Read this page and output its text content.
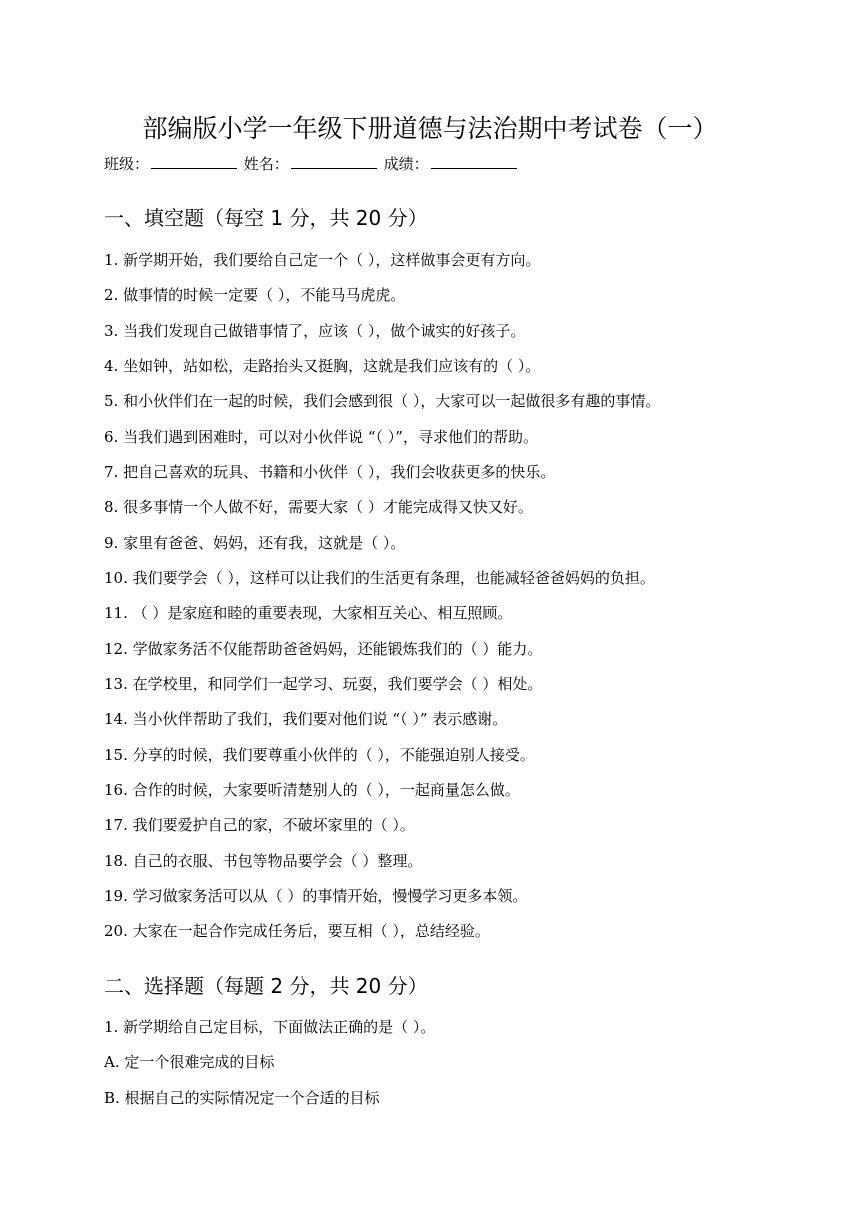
部编版小学一年级下册道德与法治期中考试卷（一）
班级：	姓名：	成绩：
一、填空题（每空 1 分，共 20 分）
1. 新学期开始，我们要给自己定一个（ ），这样做事会更有方向。
2. 做事情的时候一定要（ ），不能马马虎虎。
3. 当我们发现自己做错事情了，应该（ ），做个诚实的好孩子。
4. 坐如钟，站如松，走路抬头又挺胸，这就是我们应该有的（ ）。
5. 和小伙伴们在一起的时候，我们会感到很（ ），大家可以一起做很多有趣的事情。
6. 当我们遇到困难时，可以对小伙伴说 “（ ）”，寻求他们的帮助。
7. 把自己喜欢的玩具、书籍和小伙伴（ ），我们会收获更多的快乐。
8. 很多事情一个人做不好，需要大家（ ）才能完成得又快又好。
9. 家里有爸爸、妈妈，还有我，这就是（ ）。
10. 我们要学会（ ），这样可以让我们的生活更有条理，也能减轻爸爸妈妈的负担。
11. （ ）是家庭和睦的重要表现，大家相互关心、相互照顾。
12. 学做家务活不仅能帮助爸爸妈妈，还能锻炼我们的（ ）能力。
13. 在学校里，和同学们一起学习、玩耍，我们要学会（ ）相处。
14. 当小伙伴帮助了我们，我们要对他们说 “（ ）” 表示感谢。
15. 分享的时候，我们要尊重小伙伴的（ ），不能强迫别人接受。
16. 合作的时候，大家要听清楚别人的（ ），一起商量怎么做。
17. 我们要爱护自己的家，不破坏家里的（ ）。
18. 自己的衣服、书包等物品要学会（ ）整理。
19. 学习做家务活可以从（ ）的事情开始，慢慢学习更多本领。
20. 大家在一起合作完成任务后，要互相（ ），总结经验。
二、选择题（每题 2 分，共 20 分）
1. 新学期给自己定目标，下面做法正确的是（ ）。
A. 定一个很难完成的目标
B. 根据自己的实际情况定一个合适的目标
